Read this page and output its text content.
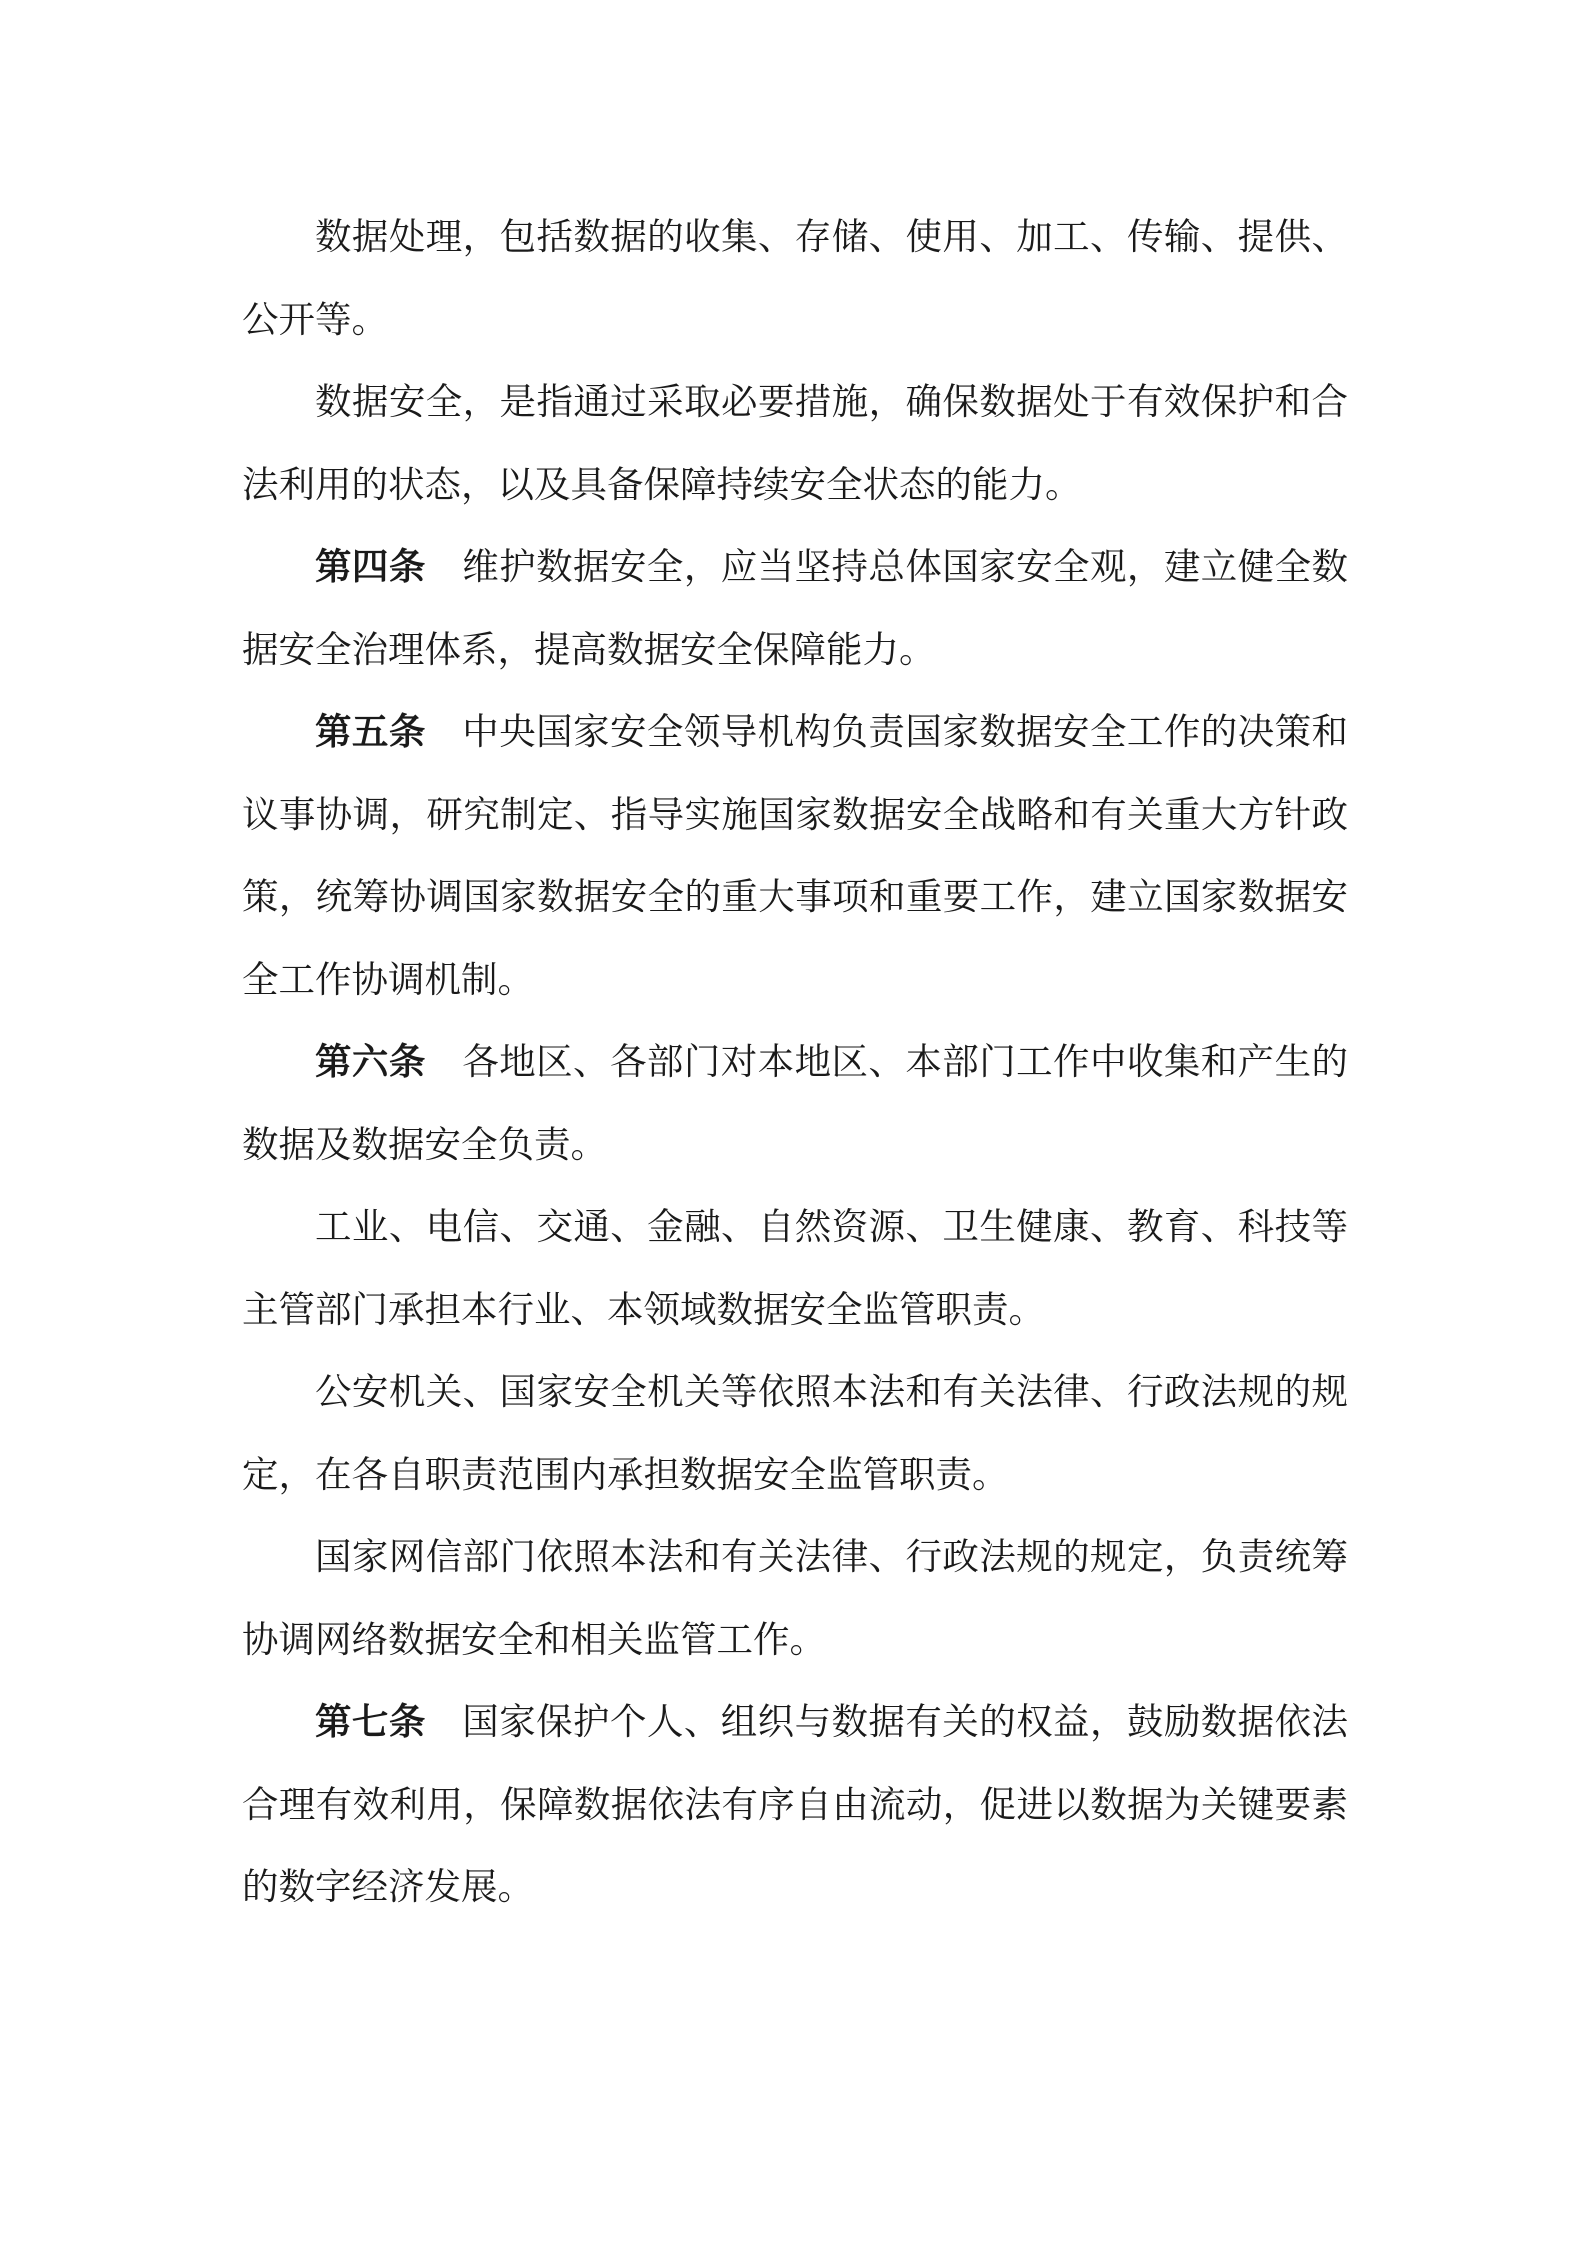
数据处理，包括数据的收集、存储、使用、加工、传输、提供、公开等。

数据安全，是指通过采取必要措施，确保数据处于有效保护和合法利用的状态，以及具备保障持续安全状态的能力。

第四条 维护数据安全，应当坚持总体国家安全观，建立健全数据安全治理体系，提高数据安全保障能力。

第五条 中央国家安全领导机构负责国家数据安全工作的决策和议事协调，研究制定、指导实施国家数据安全战略和有关重大方针政策，统筹协调国家数据安全的重大事项和重要工作，建立国家数据安全工作协调机制。

第六条 各地区、各部门对本地区、本部门工作中收集和产生的数据及数据安全负责。

工业、电信、交通、金融、自然资源、卫生健康、教育、科技等主管部门承担本行业、本领域数据安全监管职责。

公安机关、国家安全机关等依照本法和有关法律、行政法规的规定，在各自职责范围内承担数据安全监管职责。

国家网信部门依照本法和有关法律、行政法规的规定，负责统筹协调网络数据安全和相关监管工作。

第七条 国家保护个人、组织与数据有关的权益，鼓励数据依法合理有效利用，保障数据依法有序自由流动，促进以数据为关键要素的数字经济发展。
